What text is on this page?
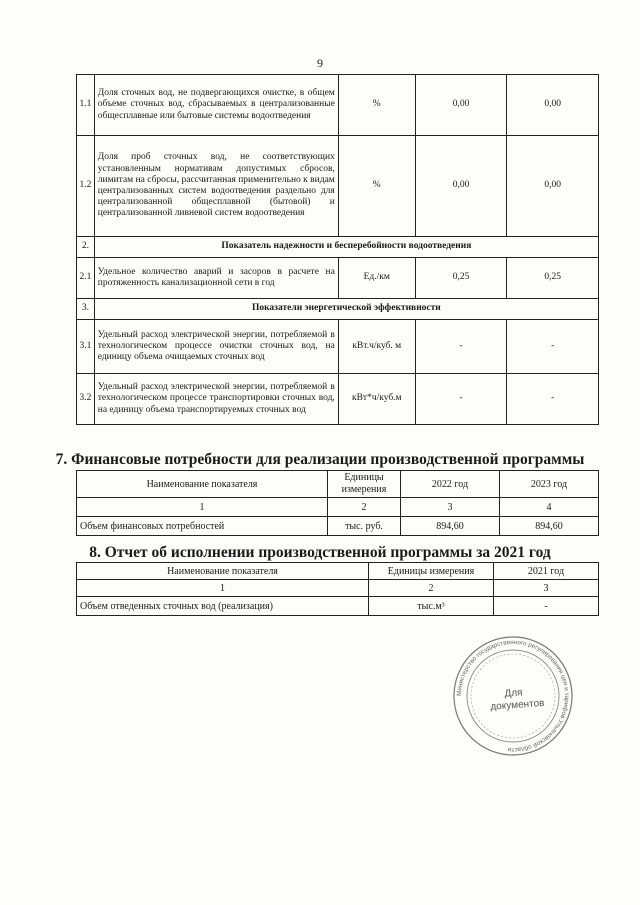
9
1.1	Доля сточных вод, не подвергающихся очистке, в общем объеме сточных вод, сбрасываемых в централизованные общесплавные или бытовые системы водоотведения	%	0,00	0,00
1.2	Доля проб сточных вод, не соответствующих установленным нормативам допустимых сбросов, лимитам на сбросы, рассчитанная применительно к видам централизованных систем водоотведения раздельно для централизованной общесплавной (бытовой) и централизованной ливневой систем водоотведения	%	0,00	0,00
2.	Показатель надежности и бесперебойности водоотведения			
2.1	Удельное количество аварий и засоров в расчете на протяженность канализационной сети в год	Ед./км	0,25	0,25
3.	Показатели энергетической эффективности			
3.1	Удельный расход электрической энергии, потребляемой в технологическом процессе очистки сточных вод, на единицу объема очищаемых сточных вод	кВт.ч/куб. м	-	-
3.2	Удельный расход электрической энергии, потребляемой в технологическом процессе транспортировки сточных вод, на единицу объема транспортируемых сточных вод	кВт*ч/куб.м	-	-
7. Финансовые потребности для реализации производственной программы
Наименование показателя	Единицы измерения	2022 год	2023 год
1	2	3	4
Объем финансовых потребностей	тыс. руб.	894,60	894,60
8. Отчет об исполнении производственной программы за 2021 год
Наименование показателя	Единицы измерения	2021 год
1	2	3
Объем отведенных сточных вод (реализация)	тыс.м³	-
Министерство государственного регулирования цен и тарифов Ульяновской области
Для документов
